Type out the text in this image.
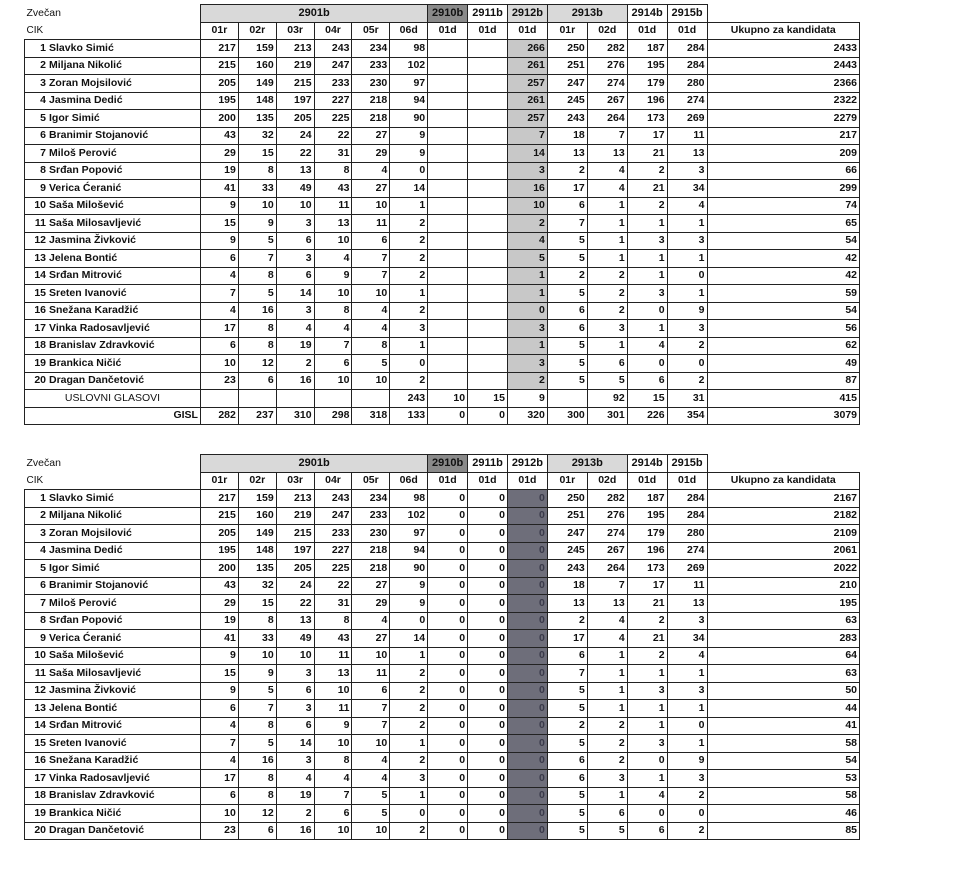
Zvečan		2901b						2910b	2911b	2912b	2913b		2914b	2915b	
CIK		01r	02r	03r	04r	05r	06d	01d	01d	01d	01r	02d	01d	01d	Ukupno za kandidata
1	Slavko Simić	217	159	213	243	234	98			266	250	282	187	284	2433
2	Miljana Nikolić	215	160	219	247	233	102			261	251	276	195	284	2443
3	Zoran Mojsilović	205	149	215	233	230	97			257	247	274	179	280	2366
4	Jasmina Dedić	195	148	197	227	218	94			261	245	267	196	274	2322
5	Igor Simić	200	135	205	225	218	90			257	243	264	173	269	2279
6	Branimir Stojanović	43	32	24	22	27	9			7	18	7	17	11	217
7	Miloš Perović	29	15	22	31	29	9			14	13	13	21	13	209
8	Srđan Popović	19	8	13	8	4	0			3	2	4	2	3	66
9	Verica Ćeranić	41	33	49	43	27	14			16	17	4	21	34	299
10	Saša Milošević	9	10	10	11	10	1			10	6	1	2	4	74
11	Saša Milosavljević	15	9	3	13	11	2			2	7	1	1	1	65
12	Jasmina Živković	9	5	6	10	6	2			4	5	1	3	3	54
13	Jelena Bontić	6	7	3	4	7	2			5	5	1	1	1	42
14	Srđan Mitrović	4	8	6	9	7	2			1	2	2	1	0	42
15	Sreten Ivanović	7	5	14	10	10	1			1	5	2	3	1	59
16	Snežana Karadžić	4	16	3	8	4	2			0	6	2	0	9	54
17	Vinka Radosavljević	17	8	4	4	4	3			3	6	3	1	3	56
18	Branislav Zdravković	6	8	19	7	8	1			1	5	1	4	2	62
19	Brankica Ničić	10	12	2	6	5	0			3	5	6	0	0	49
20	Dragan Dančetović	23	6	16	10	10	2			2	5	5	6	2	87
USLOVNI GLASOVI							243	10	15	9		92	15	31	415
GISL		282	237	310	298	318	133	0	0	320	300	301	226	354	3079
Zvečan		2901b						2910b	2911b	2912b	2913b		2914b	2915b	
CIK		01r	02r	03r	04r	05r	06d	01d	01d	01d	01r	02d	01d	01d	Ukupno za kandidata
1	Slavko Simić	217	159	213	243	234	98	0	0	0	250	282	187	284	2167
2	Miljana Nikolić	215	160	219	247	233	102	0	0	0	251	276	195	284	2182
3	Zoran Mojsilović	205	149	215	233	230	97	0	0	0	247	274	179	280	2109
4	Jasmina Dedić	195	148	197	227	218	94	0	0	0	245	267	196	274	2061
5	Igor Simić	200	135	205	225	218	90	0	0	0	243	264	173	269	2022
6	Branimir Stojanović	43	32	24	22	27	9	0	0	0	18	7	17	11	210
7	Miloš Perović	29	15	22	31	29	9	0	0	0	13	13	21	13	195
8	Srđan Popović	19	8	13	8	4	0	0	0	0	2	4	2	3	63
9	Verica Ćeranić	41	33	49	43	27	14	0	0	0	17	4	21	34	283
10	Saša Milošević	9	10	10	11	10	1	0	0	0	6	1	2	4	64
11	Saša Milosavljević	15	9	3	13	11	2	0	0	0	7	1	1	1	63
12	Jasmina Živković	9	5	6	10	6	2	0	0	0	5	1	3	3	50
13	Jelena Bontić	6	7	3	11	7	2	0	0	0	5	1	1	1	44
14	Srđan Mitrović	4	8	6	9	7	2	0	0	0	2	2	1	0	41
15	Sreten Ivanović	7	5	14	10	10	1	0	0	0	5	2	3	1	58
16	Snežana Karadžić	4	16	3	8	4	2	0	0	0	6	2	0	9	54
17	Vinka Radosavljević	17	8	4	4	4	3	0	0	0	6	3	1	3	53
18	Branislav Zdravković	6	8	19	7	5	1	0	0	0	5	1	4	2	58
19	Brankica Ničić	10	12	2	6	5	0	0	0	0	5	6	0	0	46
20	Dragan Dančetović	23	6	16	10	10	2	0	0	0	5	5	6	2	85
